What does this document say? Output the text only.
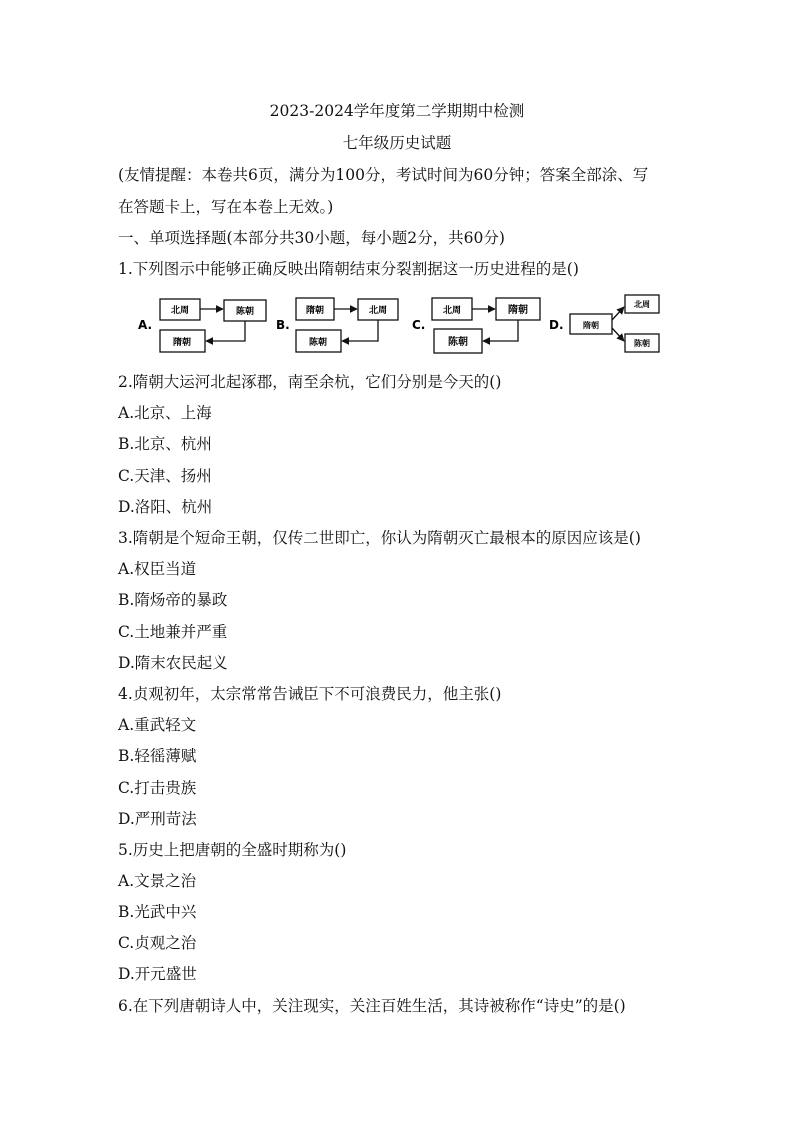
2023-2024学年度第二学期期中检测
七年级历史试题
(友情提醒：本卷共6页，满分为100分，考试时间为60分钟；答案全部涂、写
在答题卡上，写在本卷上无效。)
一、单项选择题(本部分共30小题，每小题2分，共60分)
1.下列图示中能够正确反映出隋朝结束分裂割据这一历史进程的是()
A.
北周	陈朝
隋朝
B.
隋朝	北周
陈朝
C.
北周	隋朝
陈朝
D. 隋朝
北周
陈朝
2.隋朝大运河北起涿郡，南至余杭，它们分别是今天的()
A.北京、上海
B.北京、杭州
C.天津、扬州
D.洛阳、杭州
3.隋朝是个短命王朝，仅传二世即亡，你认为隋朝灭亡最根本的原因应该是()
A.权臣当道
B.隋炀帝的暴政
C.土地兼并严重
D.隋末农民起义
4.贞观初年，太宗常常告诫臣下不可浪费民力，他主张()
A.重武轻文
B.轻徭薄赋
C.打击贵族
D.严刑苛法
5.历史上把唐朝的全盛时期称为()
A.文景之治
B.光武中兴
C.贞观之治
D.开元盛世
6.在下列唐朝诗人中，关注现实，关注百姓生活，其诗被称作“诗史”的是()
